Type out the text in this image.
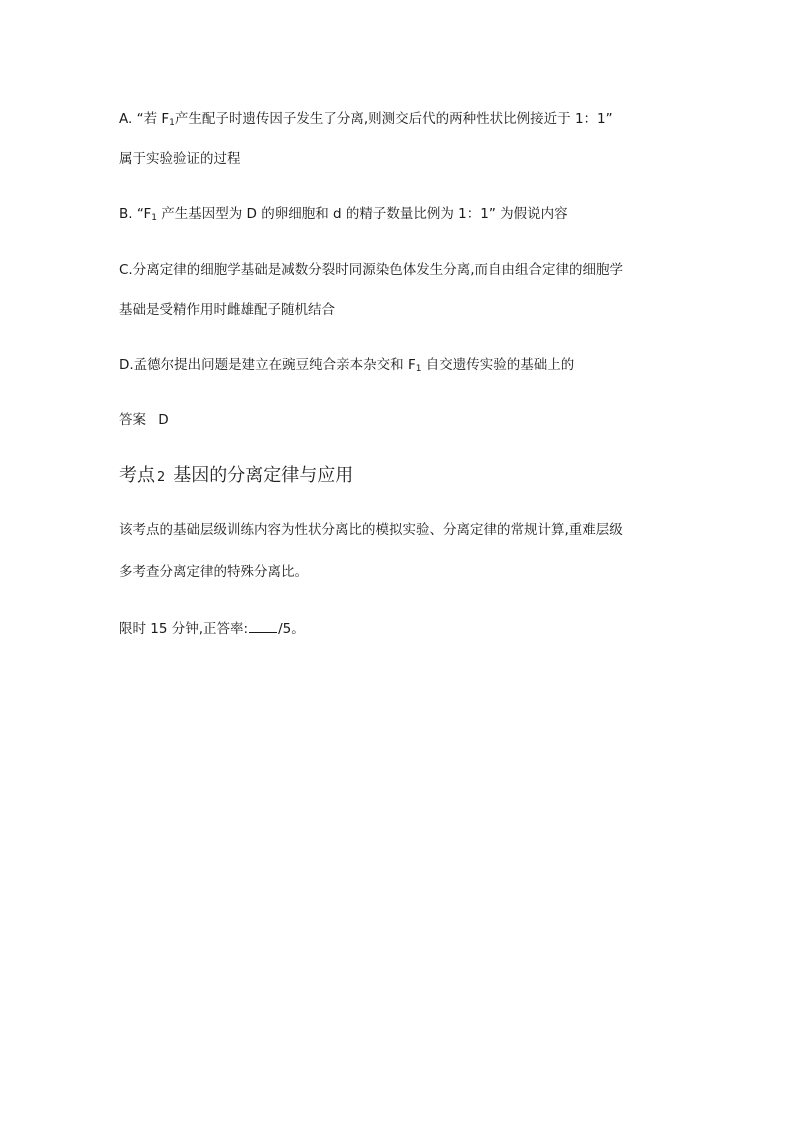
A. “若 $F_1$产生配子时遗传因子发生了分离,则测交后代的两种性状比例接近于 1：1”
属于实验验证的过程
B. “$F_1$ 产生基因型为 D 的卵细胞和 d 的精子数量比例为 1：1” 为假说内容
C.分离定律的细胞学基础是减数分裂时同源染色体发生分离,而自由组合定律的细胞学
基础是受精作用时雌雄配子随机结合
D.孟德尔提出问题是建立在豌豆纯合亲本杂交和 $F_1$ 自交遗传实验的基础上的
答案 D
考点 2 基因的分离定律与应用
该考点的基础层级训练内容为性状分离比的模拟实验、分离定律的常规计算,重难层级
多考查分离定律的特殊分离比。
限时 15 分钟,正答率: /5。
